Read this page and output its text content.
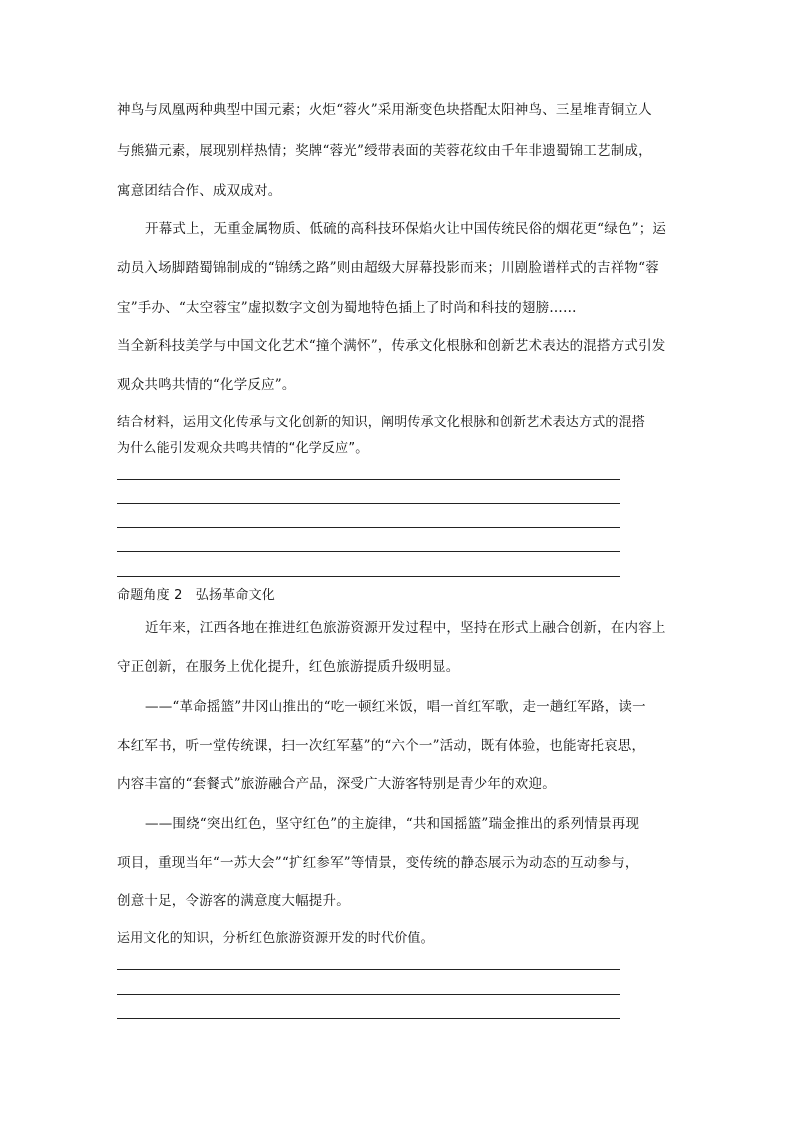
神鸟与凤凰两种典型中国元素；火炬“蓉火”采用渐变色块搭配太阳神鸟、三星堆青铜立人
与熊猫元素，展现别样热情；奖牌“蓉光”绶带表面的芙蓉花纹由千年非遗蜀锦工艺制成，
寓意团结合作、成双成对。
开幕式上，无重金属物质、低硫的高科技环保焰火让中国传统民俗的烟花更“绿色”；运
动员入场脚踏蜀锦制成的“锦绣之路”则由超级大屏幕投影而来；川剧脸谱样式的吉祥物“蓉
宝”手办、“太空蓉宝”虚拟数字文创为蜀地特色插上了时尚和科技的翅膀……
当全新科技美学与中国文化艺术“撞个满怀”，传承文化根脉和创新艺术表达的混搭方式引发
观众共鸣共情的“化学反应”。
结合材料，运用文化传承与文化创新的知识，阐明传承文化根脉和创新艺术表达方式的混搭
为什么能引发观众共鸣共情的“化学反应”。
命题角度 2　弘扬革命文化
近年来，江西各地在推进红色旅游资源开发过程中，坚持在形式上融合创新，在内容上
守正创新，在服务上优化提升，红色旅游提质升级明显。
——“革命摇篮”井冈山推出的“吃一顿红米饭，唱一首红军歌，走一趟红军路，读一
本红军书，听一堂传统课，扫一次红军墓”的“六个一”活动，既有体验，也能寄托哀思，
内容丰富的“套餐式”旅游融合产品，深受广大游客特别是青少年的欢迎。
——围绕“突出红色，坚守红色”的主旋律，“共和国摇篮”瑞金推出的系列情景再现
项目，重现当年“一苏大会”“扩红参军”等情景，变传统的静态展示为动态的互动参与，
创意十足，令游客的满意度大幅提升。
运用文化的知识，分析红色旅游资源开发的时代价值。
